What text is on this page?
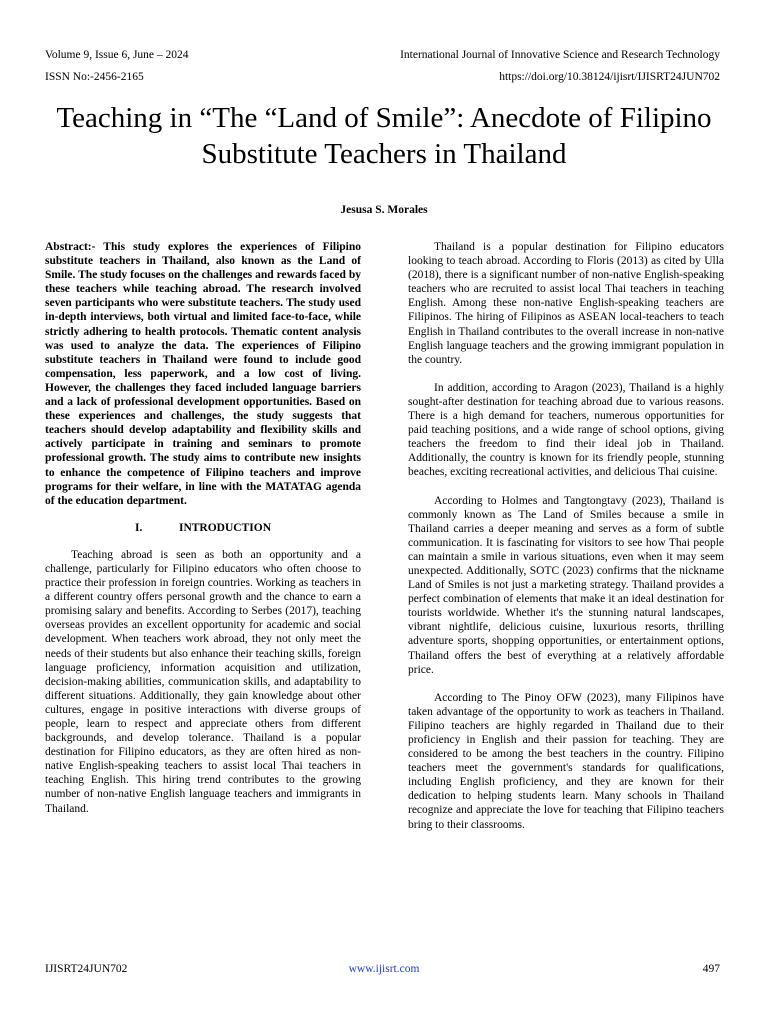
Volume 9, Issue 6, June – 2024
ISSN No:-2456-2165
International Journal of Innovative Science and Research Technology
https://doi.org/10.38124/ijisrt/IJISRT24JUN702
Teaching in “The “Land of Smile”: Anecdote of Filipino Substitute Teachers in Thailand
Jesusa S. Morales

Abstract:- This study explores the experiences of Filipino substitute teachers in Thailand, also known as the Land of Smile. The study focuses on the challenges and rewards faced by these teachers while teaching abroad. The research involved seven participants who were substitute teachers. The study used in-depth interviews, both virtual and limited face-to-face, while strictly adhering to health protocols. Thematic content analysis was used to analyze the data. The experiences of Filipino substitute teachers in Thailand were found to include good compensation, less paperwork, and a low cost of living. However, the challenges they faced included language barriers and a lack of professional development opportunities. Based on these experiences and challenges, the study suggests that teachers should develop adaptability and flexibility skills and actively participate in training and seminars to promote professional growth. The study aims to contribute new insights to enhance the competence of Filipino teachers and improve programs for their welfare, in line with the MATATAG agenda of the education department.

I.	INTRODUCTION

Teaching abroad is seen as both an opportunity and a challenge, particularly for Filipino educators who often choose to practice their profession in foreign countries. Working as teachers in a different country offers personal growth and the chance to earn a promising salary and benefits. According to Serbes (2017), teaching overseas provides an excellent opportunity for academic and social development. When teachers work abroad, they not only meet the needs of their students but also enhance their teaching skills, foreign language proficiency, information acquisition and utilization, decision-making abilities, communication skills, and adaptability to different situations. Additionally, they gain knowledge about other cultures, engage in positive interactions with diverse groups of people, learn to respect and appreciate others from different backgrounds, and develop tolerance. Thailand is a popular destination for Filipino educators, as they are often hired as non-native English-speaking teachers to assist local Thai teachers in teaching English. This hiring trend contributes to the growing number of non-native English language teachers and immigrants in Thailand.

Thailand is a popular destination for Filipino educators looking to teach abroad. According to Floris (2013) as cited by Ulla (2018), there is a significant number of non-native English-speaking teachers who are recruited to assist local Thai teachers in teaching English. Among these non-native English-speaking teachers are Filipinos. The hiring of Filipinos as ASEAN local-teachers to teach English in Thailand contributes to the overall increase in non-native English language teachers and the growing immigrant population in the country.

In addition, according to Aragon (2023), Thailand is a highly sought-after destination for teaching abroad due to various reasons. There is a high demand for teachers, numerous opportunities for paid teaching positions, and a wide range of school options, giving teachers the freedom to find their ideal job in Thailand. Additionally, the country is known for its friendly people, stunning beaches, exciting recreational activities, and delicious Thai cuisine.

According to Holmes and Tangtongtavy (2023), Thailand is commonly known as The Land of Smiles because a smile in Thailand carries a deeper meaning and serves as a form of subtle communication. It is fascinating for visitors to see how Thai people can maintain a smile in various situations, even when it may seem unexpected. Additionally, SOTC (2023) confirms that the nickname Land of Smiles is not just a marketing strategy. Thailand provides a perfect combination of elements that make it an ideal destination for tourists worldwide. Whether it's the stunning natural landscapes, vibrant nightlife, delicious cuisine, luxurious resorts, thrilling adventure sports, shopping opportunities, or entertainment options, Thailand offers the best of everything at a relatively affordable price.

According to The Pinoy OFW (2023), many Filipinos have taken advantage of the opportunity to work as teachers in Thailand. Filipino teachers are highly regarded in Thailand due to their proficiency in English and their passion for teaching. They are considered to be among the best teachers in the country. Filipino teachers meet the government's standards for qualifications, including English proficiency, and they are known for their dedication to helping students learn. Many schools in Thailand recognize and appreciate the love for teaching that Filipino teachers bring to their classrooms.

IJISRT24JUN702	www.ijisrt.com	497
